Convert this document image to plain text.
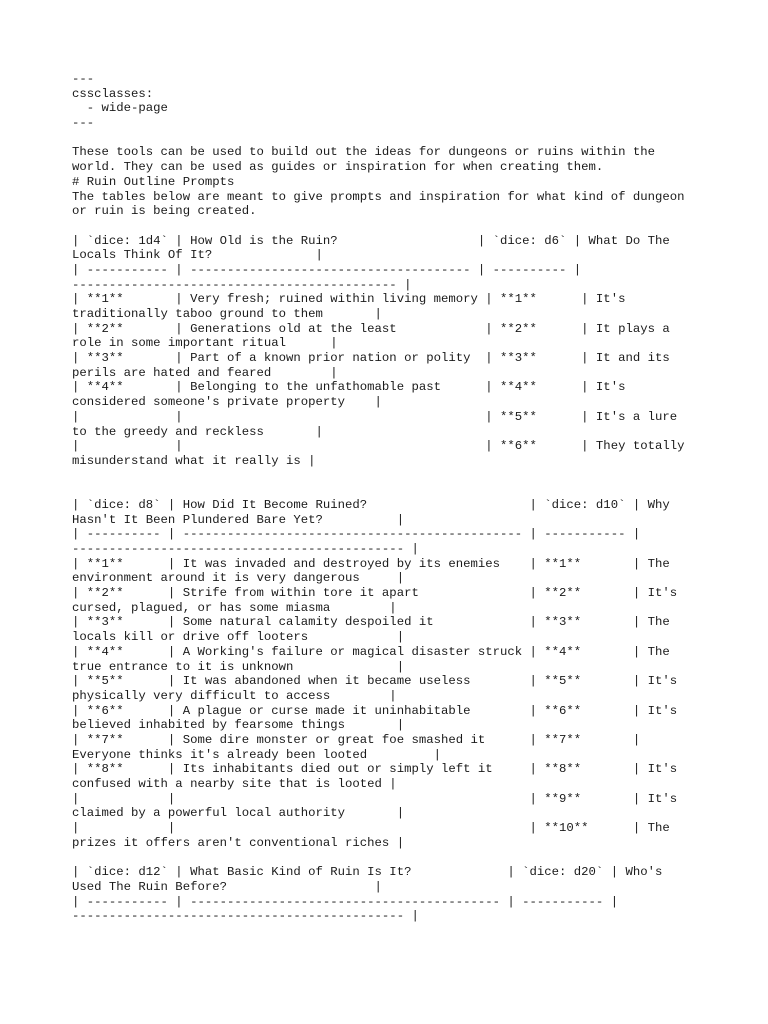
---
cssclasses:
- wide-page
---
These tools can be used to build out the ideas for dungeons or ruins within the
world. They can be used as guides or inspiration for when creating them.
# Ruin Outline Prompts
The tables below are meant to give prompts and inspiration for what kind of dungeon
or ruin is being created.
| `dice: 1d4` | How Old is the Ruin?                   | `dice: d6` | What Do The
Locals Think Of It?              |
| ----------- | -------------------------------------- | ---------- |
-------------------------------------------- |
| **1**       | Very fresh; ruined within living memory | **1**      | It's
traditionally taboo ground to them       |
| **2**       | Generations old at the least            | **2**      | It plays a
role in some important ritual      |
| **3**       | Part of a known prior nation or polity  | **3**      | It and its
perils are hated and feared        |
| **4**       | Belonging to the unfathomable past      | **4**      | It's
considered someone's private property    |
|             |                                         | **5**      | It's a lure
to the greedy and reckless       |
|             |                                         | **6**      | They totally
misunderstand what it really is |
| `dice: d8` | How Did It Become Ruined?                      | `dice: d10` | Why
Hasn't It Been Plundered Bare Yet?          |
| ---------- | ---------------------------------------------- | ----------- |
--------------------------------------------- |
| **1**      | It was invaded and destroyed by its enemies    | **1**       | The
environment around it is very dangerous     |
| **2**      | Strife from within tore it apart               | **2**       | It's
cursed, plagued, or has some miasma        |
| **3**      | Some natural calamity despoiled it             | **3**       | The
locals kill or drive off looters            |
| **4**      | A Working's failure or magical disaster struck | **4**       | The
true entrance to it is unknown              |
| **5**      | It was abandoned when it became useless        | **5**       | It's
physically very difficult to access        |
| **6**      | A plague or curse made it uninhabitable        | **6**       | It's
believed inhabited by fearsome things       |
| **7**      | Some dire monster or great foe smashed it      | **7**       |
Everyone thinks it's already been looted         |
| **8**      | Its inhabitants died out or simply left it     | **8**       | It's
confused with a nearby site that is looted |
|            |                                                | **9**       | It's
claimed by a powerful local authority       |
|            |                                                | **10**      | The
prizes it offers aren't conventional riches |
| `dice: d12` | What Basic Kind of Ruin Is It?             | `dice: d20` | Who's
Used The Ruin Before?                    |
| ----------- | ------------------------------------------ | ----------- |
--------------------------------------------- |
